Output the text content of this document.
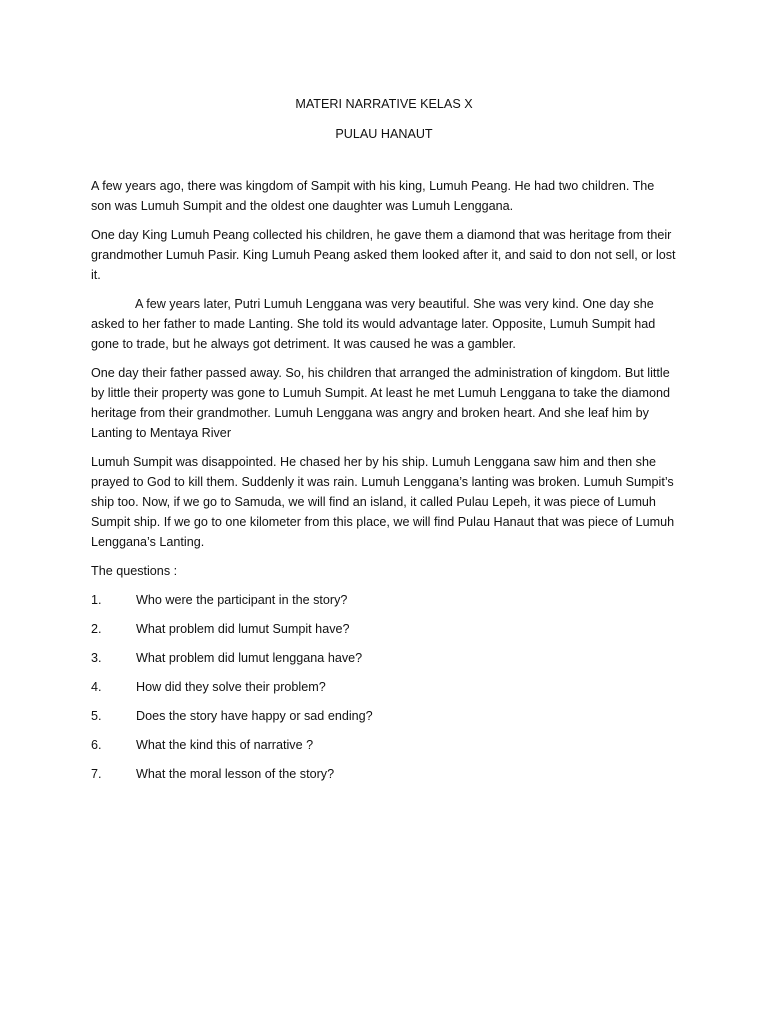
MATERI NARRATIVE KELAS X
PULAU HANAUT

A few years ago, there was kingdom of Sampit with his king, Lumuh Peang. He had two children. The son was Lumuh Sumpit and the oldest one daughter was Lumuh Lenggana.

One day King Lumuh Peang collected his children, he gave them a diamond that was heritage from their grandmother Lumuh Pasir. King Lumuh Peang asked them looked after it, and said to don not sell, or lost it.

A few years later, Putri Lumuh Lenggana was very beautiful. She was very kind. One day she asked to her father to made Lanting. She told its would advantage later. Opposite, Lumuh Sumpit had gone to trade, but he always got detriment. It was caused he was a gambler.

One day their father passed away. So, his children that arranged the administration of kingdom. But little by little their property was gone to Lumuh Sumpit. At least he met Lumuh Lenggana to take the diamond heritage from their grandmother. Lumuh Lenggana was angry and broken heart. And she leaf him by Lanting to Mentaya River

Lumuh Sumpit was disappointed. He chased her by his ship. Lumuh Lenggana saw him and then she prayed to God to kill them. Suddenly it was rain. Lumuh Lenggana’s lanting was broken. Lumuh Sumpit’s ship too. Now, if we go to Samuda, we will find an island, it called Pulau Lepeh, it was piece of Lumuh Sumpit ship. If we go to one kilometer from this place, we will find Pulau Hanaut that was piece of Lumuh Lenggana’s Lanting.

The questions :

1.	Who were the participant in the story?
2.	What problem did lumut Sumpit have?
3.	What problem did lumut lenggana have?
4.	How did they solve their problem?
5.	Does the story have happy or sad ending?
6.	What the kind this of narrative ?
7.	What the moral lesson of the story?
